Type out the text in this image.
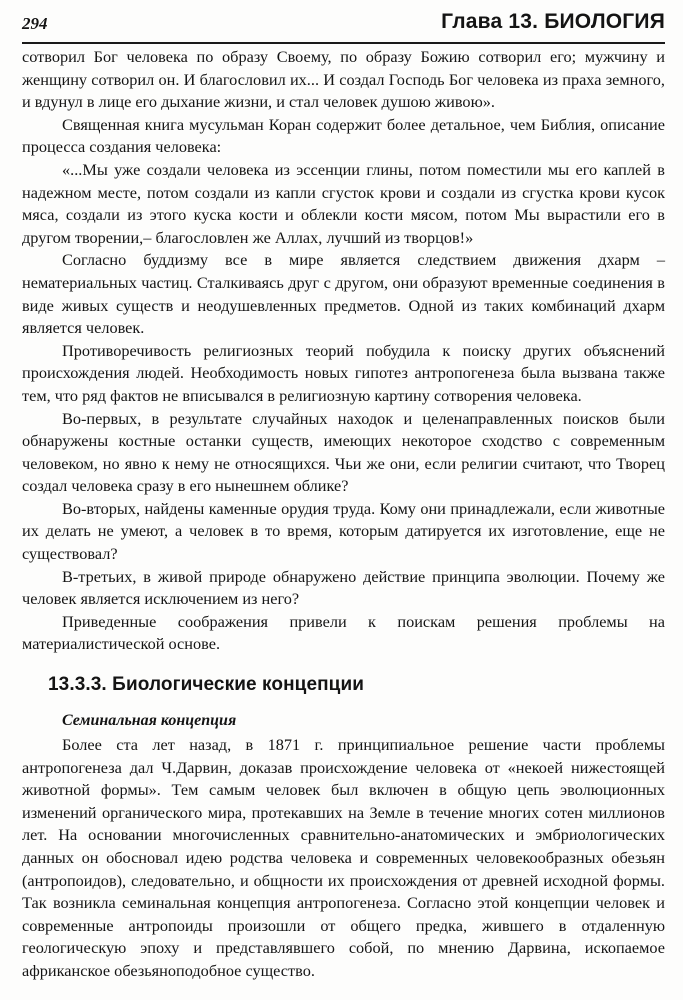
294	Глава 13. БИОЛОГИЯ

сотворил Бог человека по образу Своему, по образу Божию сотворил его; мужчину и женщину сотворил он. И благословил их... И создал Господь Бог человека из праха земного, и вдунул в лице его дыхание жизни, и стал человек душою живою».

Священная книга мусульман Коран содержит более детальное, чем Библия, описание процесса создания человека:

«...Мы уже создали человека из эссенции глины, потом поместили мы его каплей в надежном месте, потом создали из капли сгусток крови и создали из сгустка крови кусок мяса, создали из этого куска кости и облекли кости мясом, потом Мы вырастили его в другом творении,– благословлен же Аллах, лучший из творцов!»

Согласно буддизму все в мире является следствием движения дхарм – нематериальных частиц. Сталкиваясь друг с другом, они образуют временные соединения в виде живых существ и неодушевленных предметов. Одной из таких комбинаций дхарм является человек.

Противоречивость религиозных теорий побудила к поиску других объяснений происхождения людей. Необходимость новых гипотез антропогенеза была вызвана также тем, что ряд фактов не вписывался в религиозную картину сотворения человека.

Во-первых, в результате случайных находок и целенаправленных поисков были обнаружены костные останки существ, имеющих некоторое сходство с современным человеком, но явно к нему не относящихся. Чьи же они, если религии считают, что Творец создал человека сразу в его нынешнем облике?

Во-вторых, найдены каменные орудия труда. Кому они принадлежали, если животные их делать не умеют, а человек в то время, которым датируется их изготовление, еще не существовал?

В-третьих, в живой природе обнаружено действие принципа эволюции. Почему же человек является исключением из него?

Приведенные соображения привели к поискам решения проблемы на материалистической основе.

13.3.3. Биологические концепции
Семинальная концепция

Более ста лет назад, в 1871 г. принципиальное решение части проблемы антропогенеза дал Ч.Дарвин, доказав происхождение человека от «некоей нижестоящей животной формы». Тем самым человек был включен в общую цепь эволюционных изменений органического мира, протекавших на Земле в течение многих сотен миллионов лет. На основании многочисленных сравнительно-анатомических и эмбриологических данных он обосновал идею родства человека и современных человекообразных обезьян (антропоидов), следовательно, и общности их происхождения от древней исходной формы. Так возникла семинальная концепция антропогенеза. Согласно этой концепции человек и современные антропоиды произошли от общего предка, жившего в отдаленную геологическую эпоху и представлявшего собой, по мнению Дарвина, ископаемое африканское обезьяноподобное существо.
